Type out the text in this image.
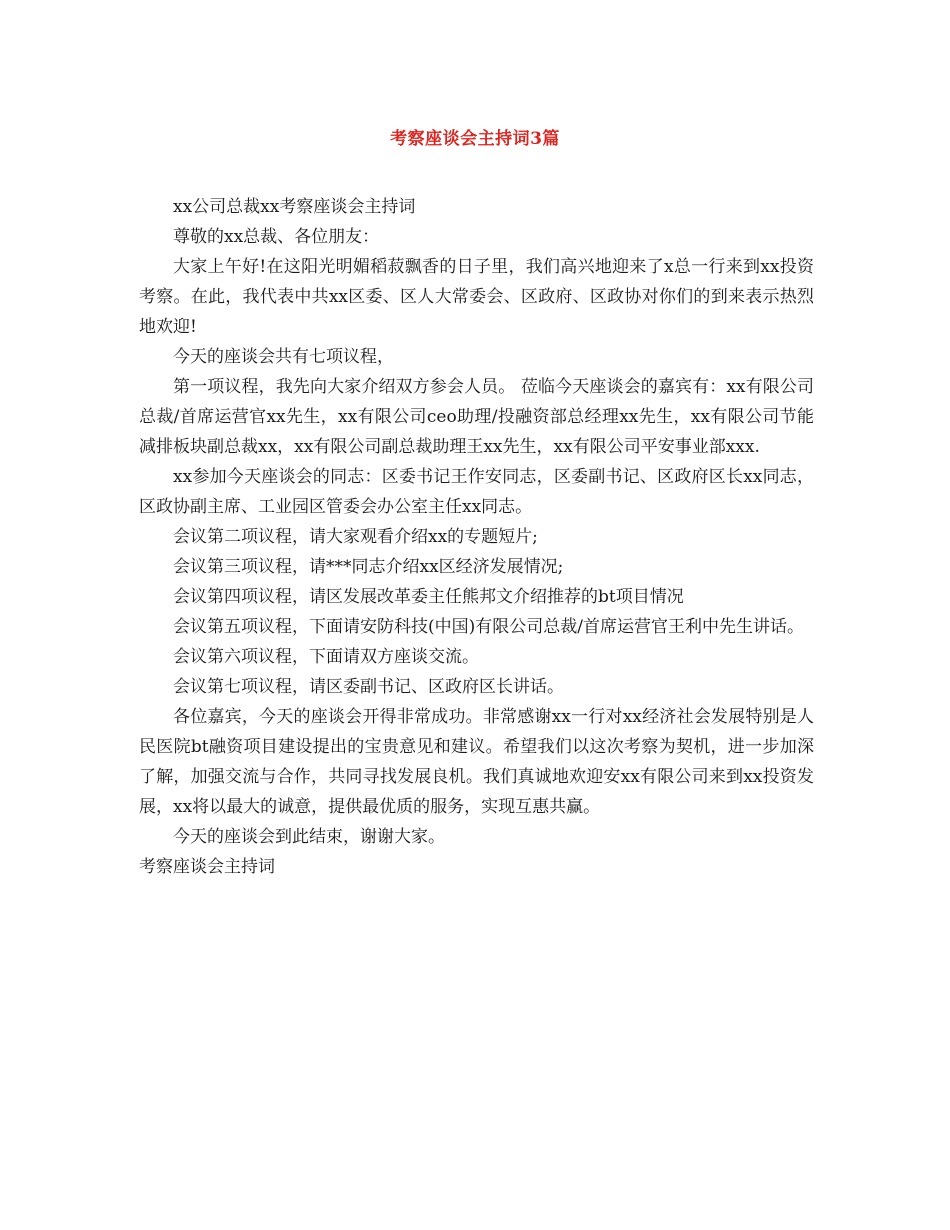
考察座谈会主持词3篇

xx公司总裁xx考察座谈会主持词

尊敬的xx总裁、各位朋友：

大家上午好!在这阳光明媚稻菽飘香的日子里，我们高兴地迎来了x总一行来到xx投资考察。在此，我代表中共xx区委、区人大常委会、区政府、区政协对你们的到来表示热烈地欢迎!

今天的座谈会共有七项议程，

第一项议程，我先向大家介绍双方参会人员。 莅临今天座谈会的嘉宾有：xx有限公司总裁/首席运营官xx先生，xx有限公司ceo助理/投融资部总经理xx先生，xx有限公司节能减排板块副总裁xx，xx有限公司副总裁助理王xx先生，xx有限公司平安事业部xxx.

xx参加今天座谈会的同志：区委书记王作安同志，区委副书记、区政府区长xx同志，区政协副主席、工业园区管委会办公室主任xx同志。

会议第二项议程，请大家观看介绍xx的专题短片;

会议第三项议程，请***同志介绍xx区经济发展情况;

会议第四项议程，请区发展改革委主任熊邦文介绍推荐的bt项目情况

会议第五项议程，下面请安防科技(中国)有限公司总裁/首席运营官王利中先生讲话。

会议第六项议程，下面请双方座谈交流。

会议第七项议程，请区委副书记、区政府区长讲话。

各位嘉宾，今天的座谈会开得非常成功。非常感谢xx一行对xx经济社会发展特别是人民医院bt融资项目建设提出的宝贵意见和建议。希望我们以这次考察为契机，进一步加深了解，加强交流与合作，共同寻找发展良机。我们真诚地欢迎安xx有限公司来到xx投资发展，xx将以最大的诚意，提供最优质的服务，实现互惠共赢。

今天的座谈会到此结束，谢谢大家。

考察座谈会主持词
